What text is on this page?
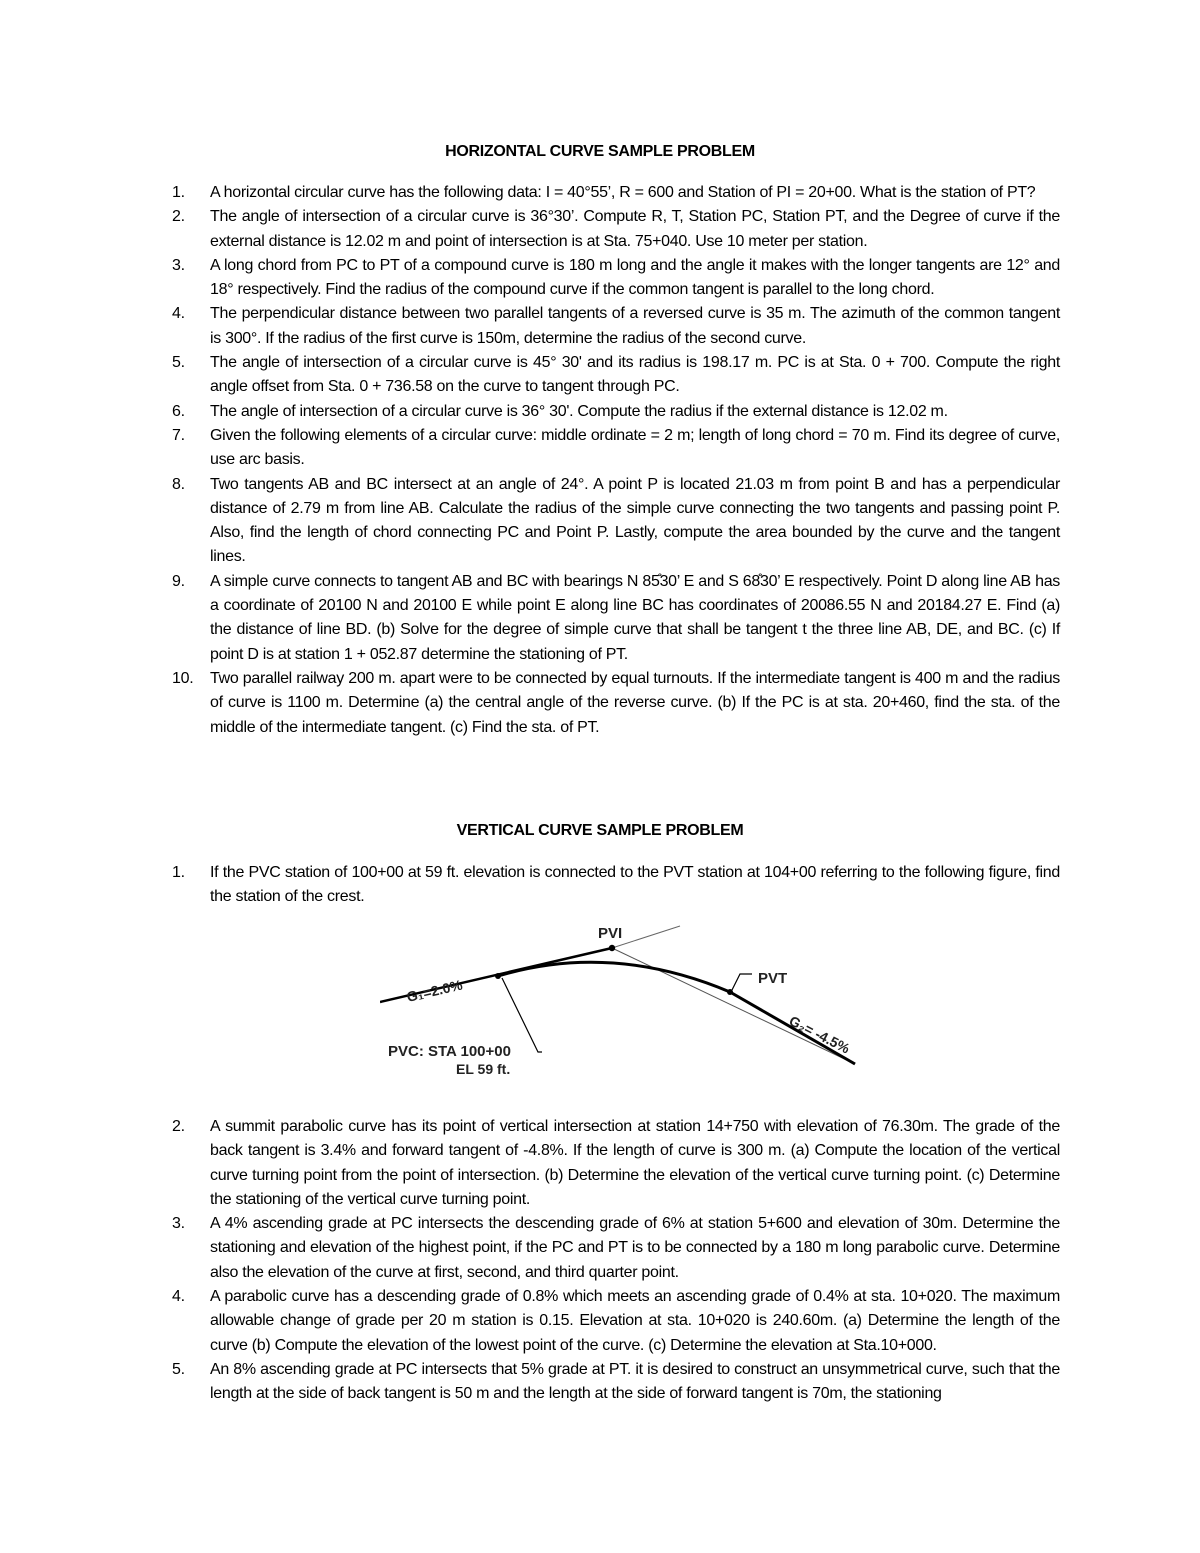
HORIZONTAL CURVE SAMPLE PROBLEM
1.	A horizontal circular curve has the following data: I = 40°55’, R = 600 and Station of PI = 20+00. What is the station of PT?
2.	The angle of intersection of a circular curve is 36°30’. Compute R, T, Station PC, Station PT, and the Degree of curve if the external distance is 12.02 m and point of intersection is at Sta. 75+040. Use 10 meter per station.
3.	A long chord from PC to PT of a compound curve is 180 m long and the angle it makes with the longer tangents are 12° and 18° respectively. Find the radius of the compound curve if the common tangent is parallel to the long chord.
4.	The perpendicular distance between two parallel tangents of a reversed curve is 35 m. The azimuth of the common tangent is 300°. If the radius of the first curve is 150m, determine the radius of the second curve.
5.	The angle of intersection of a circular curve is 45° 30' and its radius is 198.17 m. PC is at Sta. 0 + 700. Compute the right angle offset from Sta. 0 + 736.58 on the curve to tangent through PC.
6.	The angle of intersection of a circular curve is 36° 30'. Compute the radius if the external distance is 12.02 m.
7.	Given the following elements of a circular curve: middle ordinate = 2 m; length of long chord = 70 m. Find its degree of curve, use arc basis.
8.	Two tangents AB and BC intersect at an angle of 24°. A point P is located 21.03 m from point B and has a perpendicular distance of 2.79 m from line AB. Calculate the radius of the simple curve connecting the two tangents and passing point P. Also, find the length of chord connecting PC and Point P. Lastly, compute the area bounded by the curve and the tangent lines.
9.	A simple curve connects to tangent AB and BC with bearings N 85̊30’ E and S 68̊30’ E respectively. Point D along line AB has a coordinate of 20100 N and 20100 E while point E along line BC has coordinates of 20086.55 N and 20184.27 E. Find (a) the distance of line BD. (b) Solve for the degree of simple curve that shall be tangent t the three line AB, DE, and BC. (c) If point D is at station 1 + 052.87 determine the stationing of PT.
10.	Two parallel railway 200 m. apart were to be connected by equal turnouts. If the intermediate tangent is 400 m and the radius of curve is 1100 m. Determine (a) the central angle of the reverse curve. (b) If the PC is at sta. 20+460, find the sta. of the middle of the intermediate tangent. (c) Find the sta. of PT.
VERTICAL CURVE SAMPLE PROBLEM
1.	If the PVC station of 100+00 at 59 ft. elevation is connected to the PVT station at 104+00 referring to the following figure, find the station of the crest.
PVI
PVT
G₁=2.0%
G₂= -4.5%
PVC: STA 100+00
EL 59 ft.
2.	A summit parabolic curve has its point of vertical intersection at station 14+750 with elevation of 76.30m. The grade of the back tangent is 3.4% and forward tangent of -4.8%. If the length of curve is 300 m. (a) Compute the location of the vertical curve turning point from the point of intersection. (b) Determine the elevation of the vertical curve turning point. (c) Determine the stationing of the vertical curve turning point.
3.	A 4% ascending grade at PC intersects the descending grade of 6% at station 5+600 and elevation of 30m. Determine the stationing and elevation of the highest point, if the PC and PT is to be connected by a 180 m long parabolic curve. Determine also the elevation of the curve at first, second, and third quarter point.
4.	A parabolic curve has a descending grade of 0.8% which meets an ascending grade of 0.4% at sta. 10+020. The maximum allowable change of grade per 20 m station is 0.15. Elevation at sta. 10+020 is 240.60m. (a) Determine the length of the curve (b) Compute the elevation of the lowest point of the curve. (c) Determine the elevation at Sta.10+000.
5.	An 8% ascending grade at PC intersects that 5% grade at PT. it is desired to construct an unsymmetrical curve, such that the length at the side of back tangent is 50 m and the length at the side of forward tangent is 70m, the stationing
